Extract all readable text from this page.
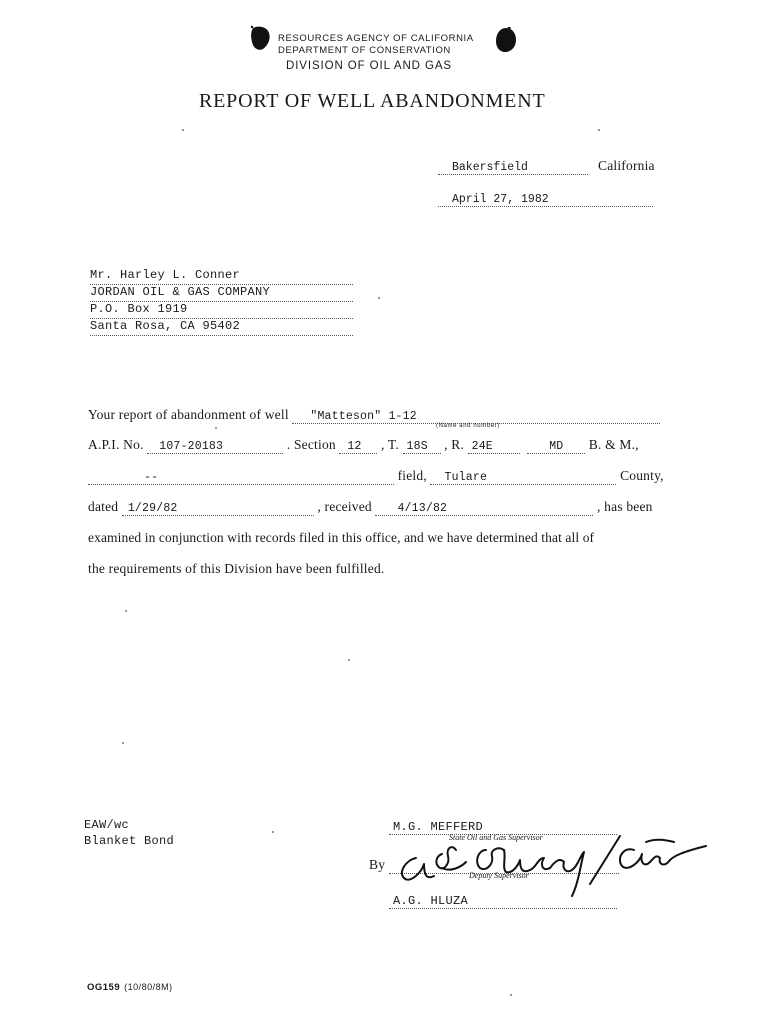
RESOURCES AGENCY OF CALIFORNIA
DEPARTMENT OF CONSERVATION
DIVISION OF OIL AND GAS
REPORT OF WELL ABANDONMENT
Bakersfield	California
April 27, 1982
Mr. Harley L. Conner
JORDAN OIL & GAS COMPANY
P.O. Box 1919
Santa Rosa, CA 95402
Your report of abandonment of well "Matteson" 1-12
(Name and number)
A.P.I. No. 107-20183	. Section 12 , T. 18S , R. 24E	MD B. & M.,
--	field, Tulare	County,
dated 1/29/82	, received 4/13/82	, has been
examined in conjunction with records filed in this office, and we have determined that all of
the requirements of this Division have been fulfilled.
EAW/wc
Blanket Bond
M.G. MEFFERD
State Oil and Gas Supervisor
By
Deputy Supervisor
A.G. HLUZA
OG159 (10/80/8M)
